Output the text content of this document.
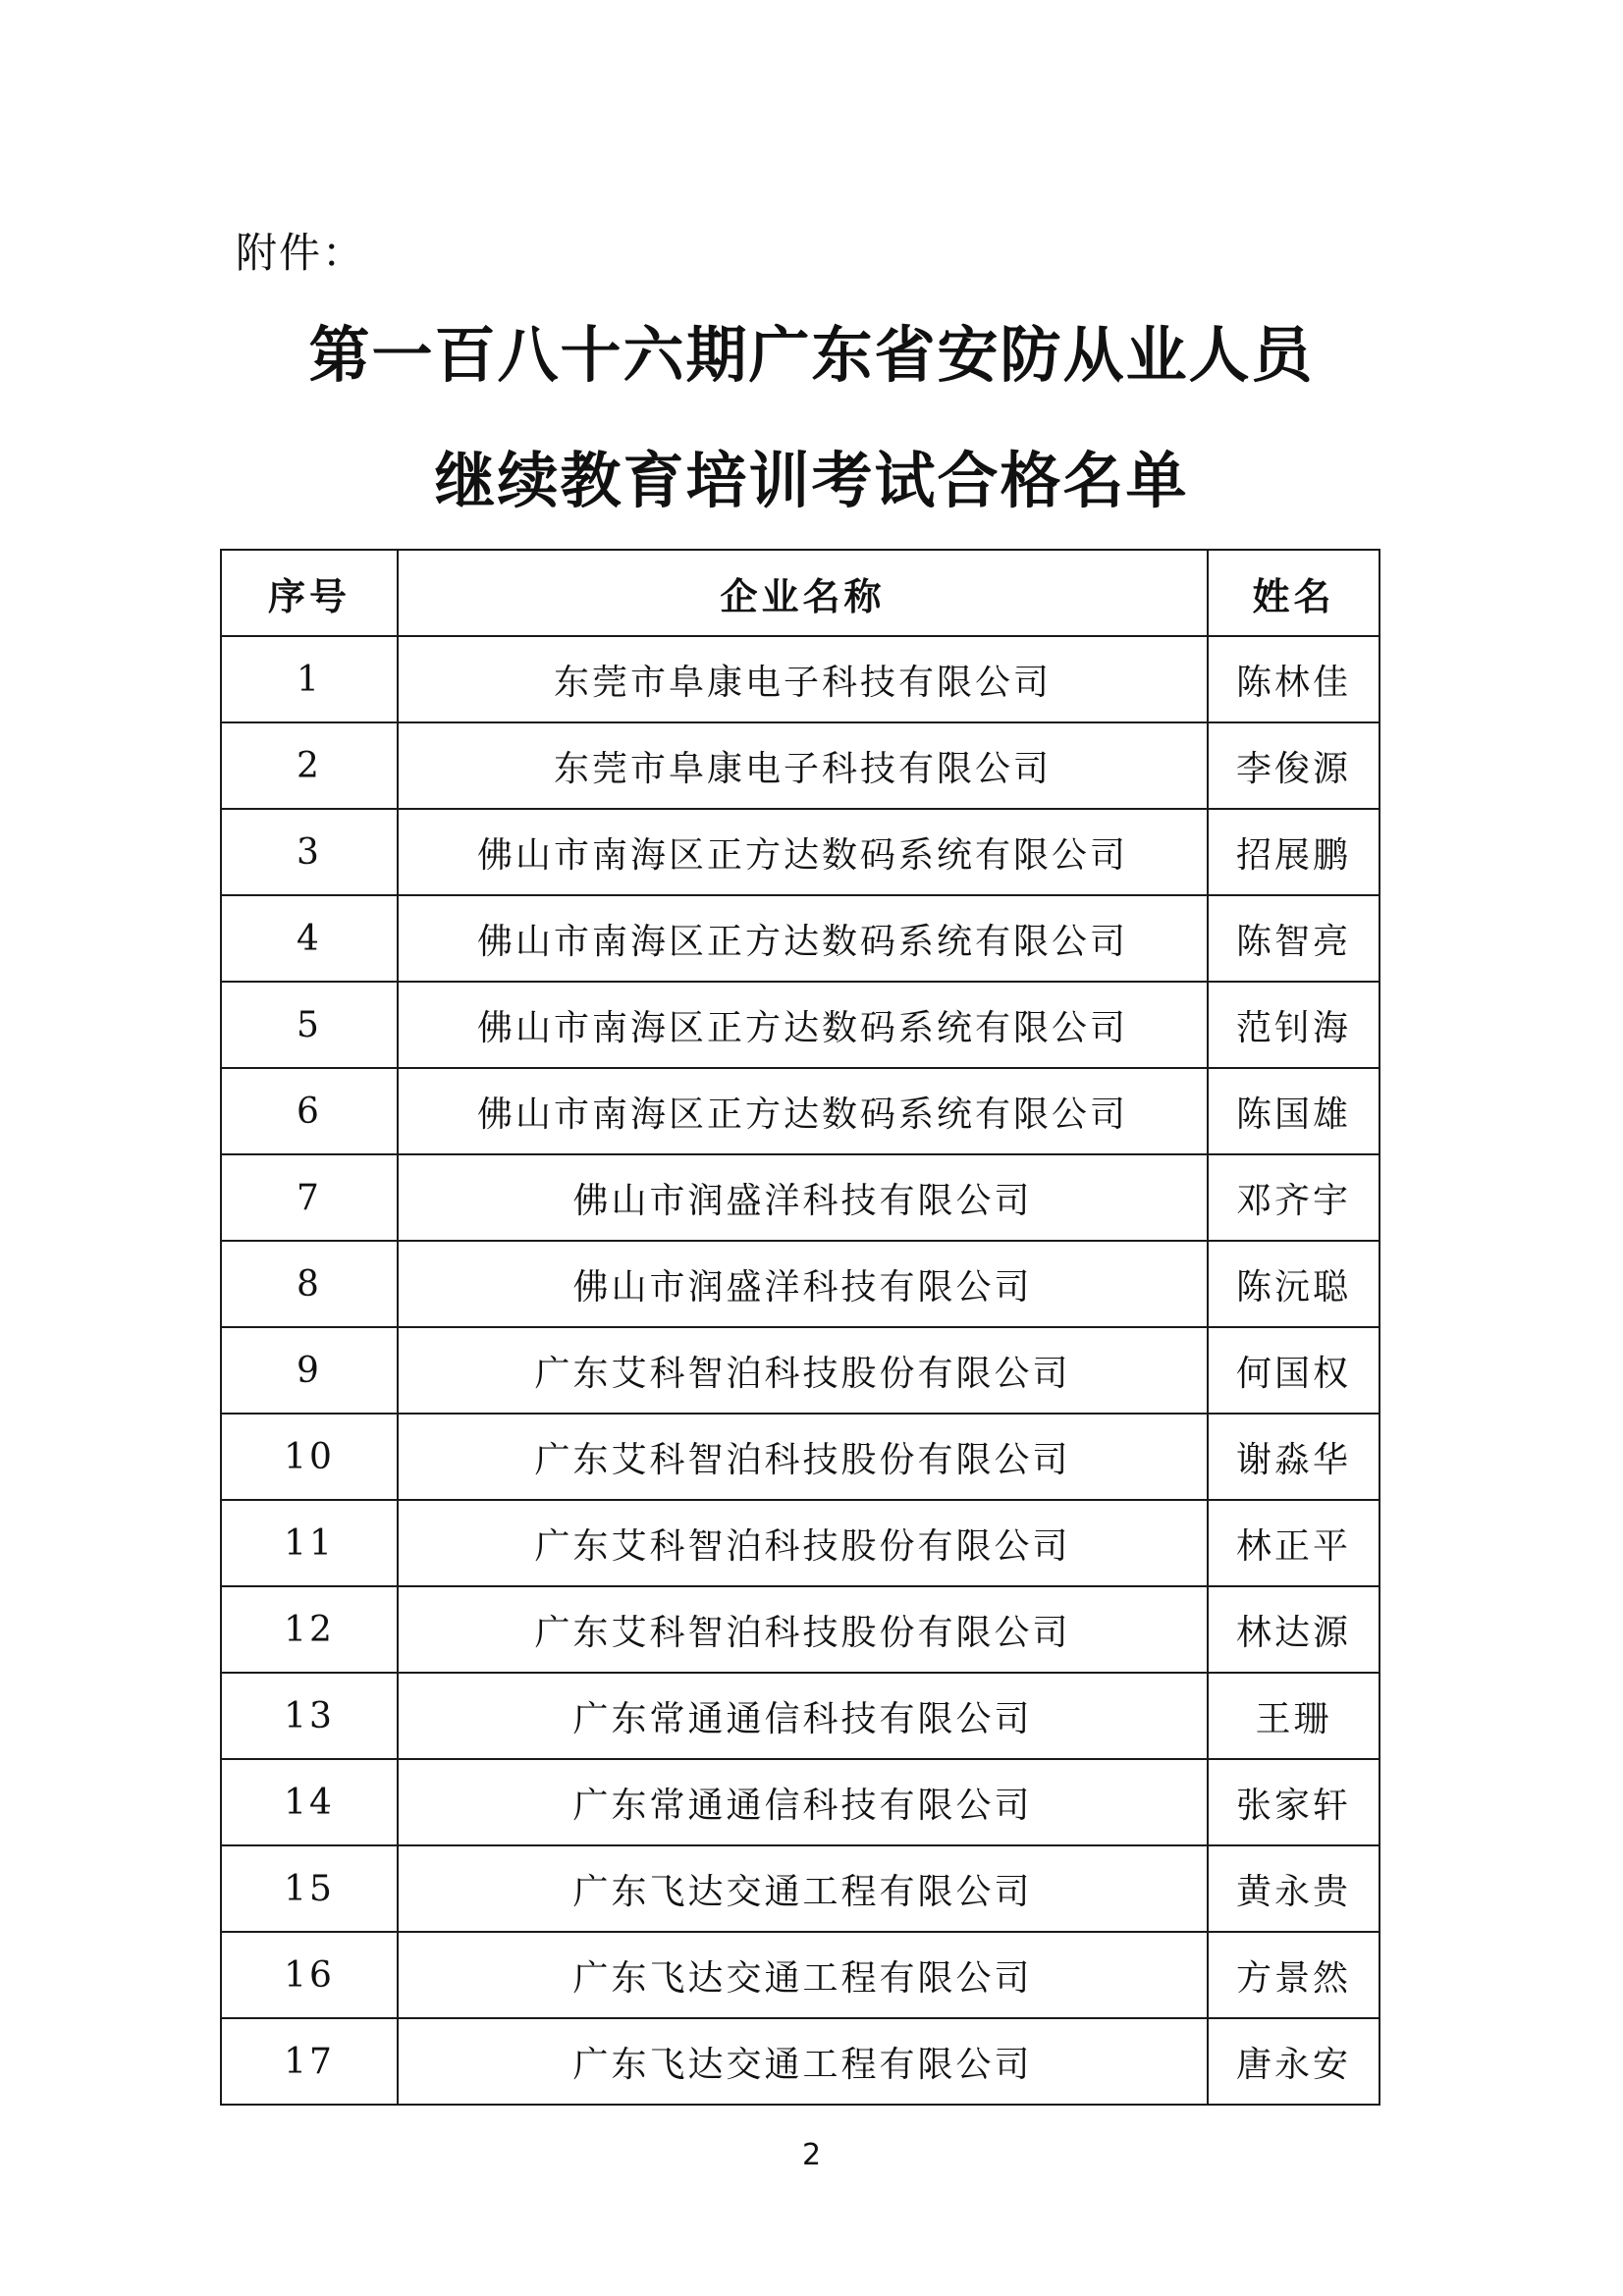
附件：
第一百八十六期广东省安防从业人员
继续教育培训考试合格名单
序号	企业名称	姓名
1	东莞市阜康电子科技有限公司	陈林佳
2	东莞市阜康电子科技有限公司	李俊源
3	佛山市南海区正方达数码系统有限公司	招展鹏
4	佛山市南海区正方达数码系统有限公司	陈智亮
5	佛山市南海区正方达数码系统有限公司	范钊海
6	佛山市南海区正方达数码系统有限公司	陈国雄
7	佛山市润盛洋科技有限公司	邓齐宇
8	佛山市润盛洋科技有限公司	陈沅聪
9	广东艾科智泊科技股份有限公司	何国权
10	广东艾科智泊科技股份有限公司	谢淼华
11	广东艾科智泊科技股份有限公司	林正平
12	广东艾科智泊科技股份有限公司	林达源
13	广东常通通信科技有限公司	王珊
14	广东常通通信科技有限公司	张家轩
15	广东飞达交通工程有限公司	黄永贵
16	广东飞达交通工程有限公司	方景然
17	广东飞达交通工程有限公司	唐永安
2
